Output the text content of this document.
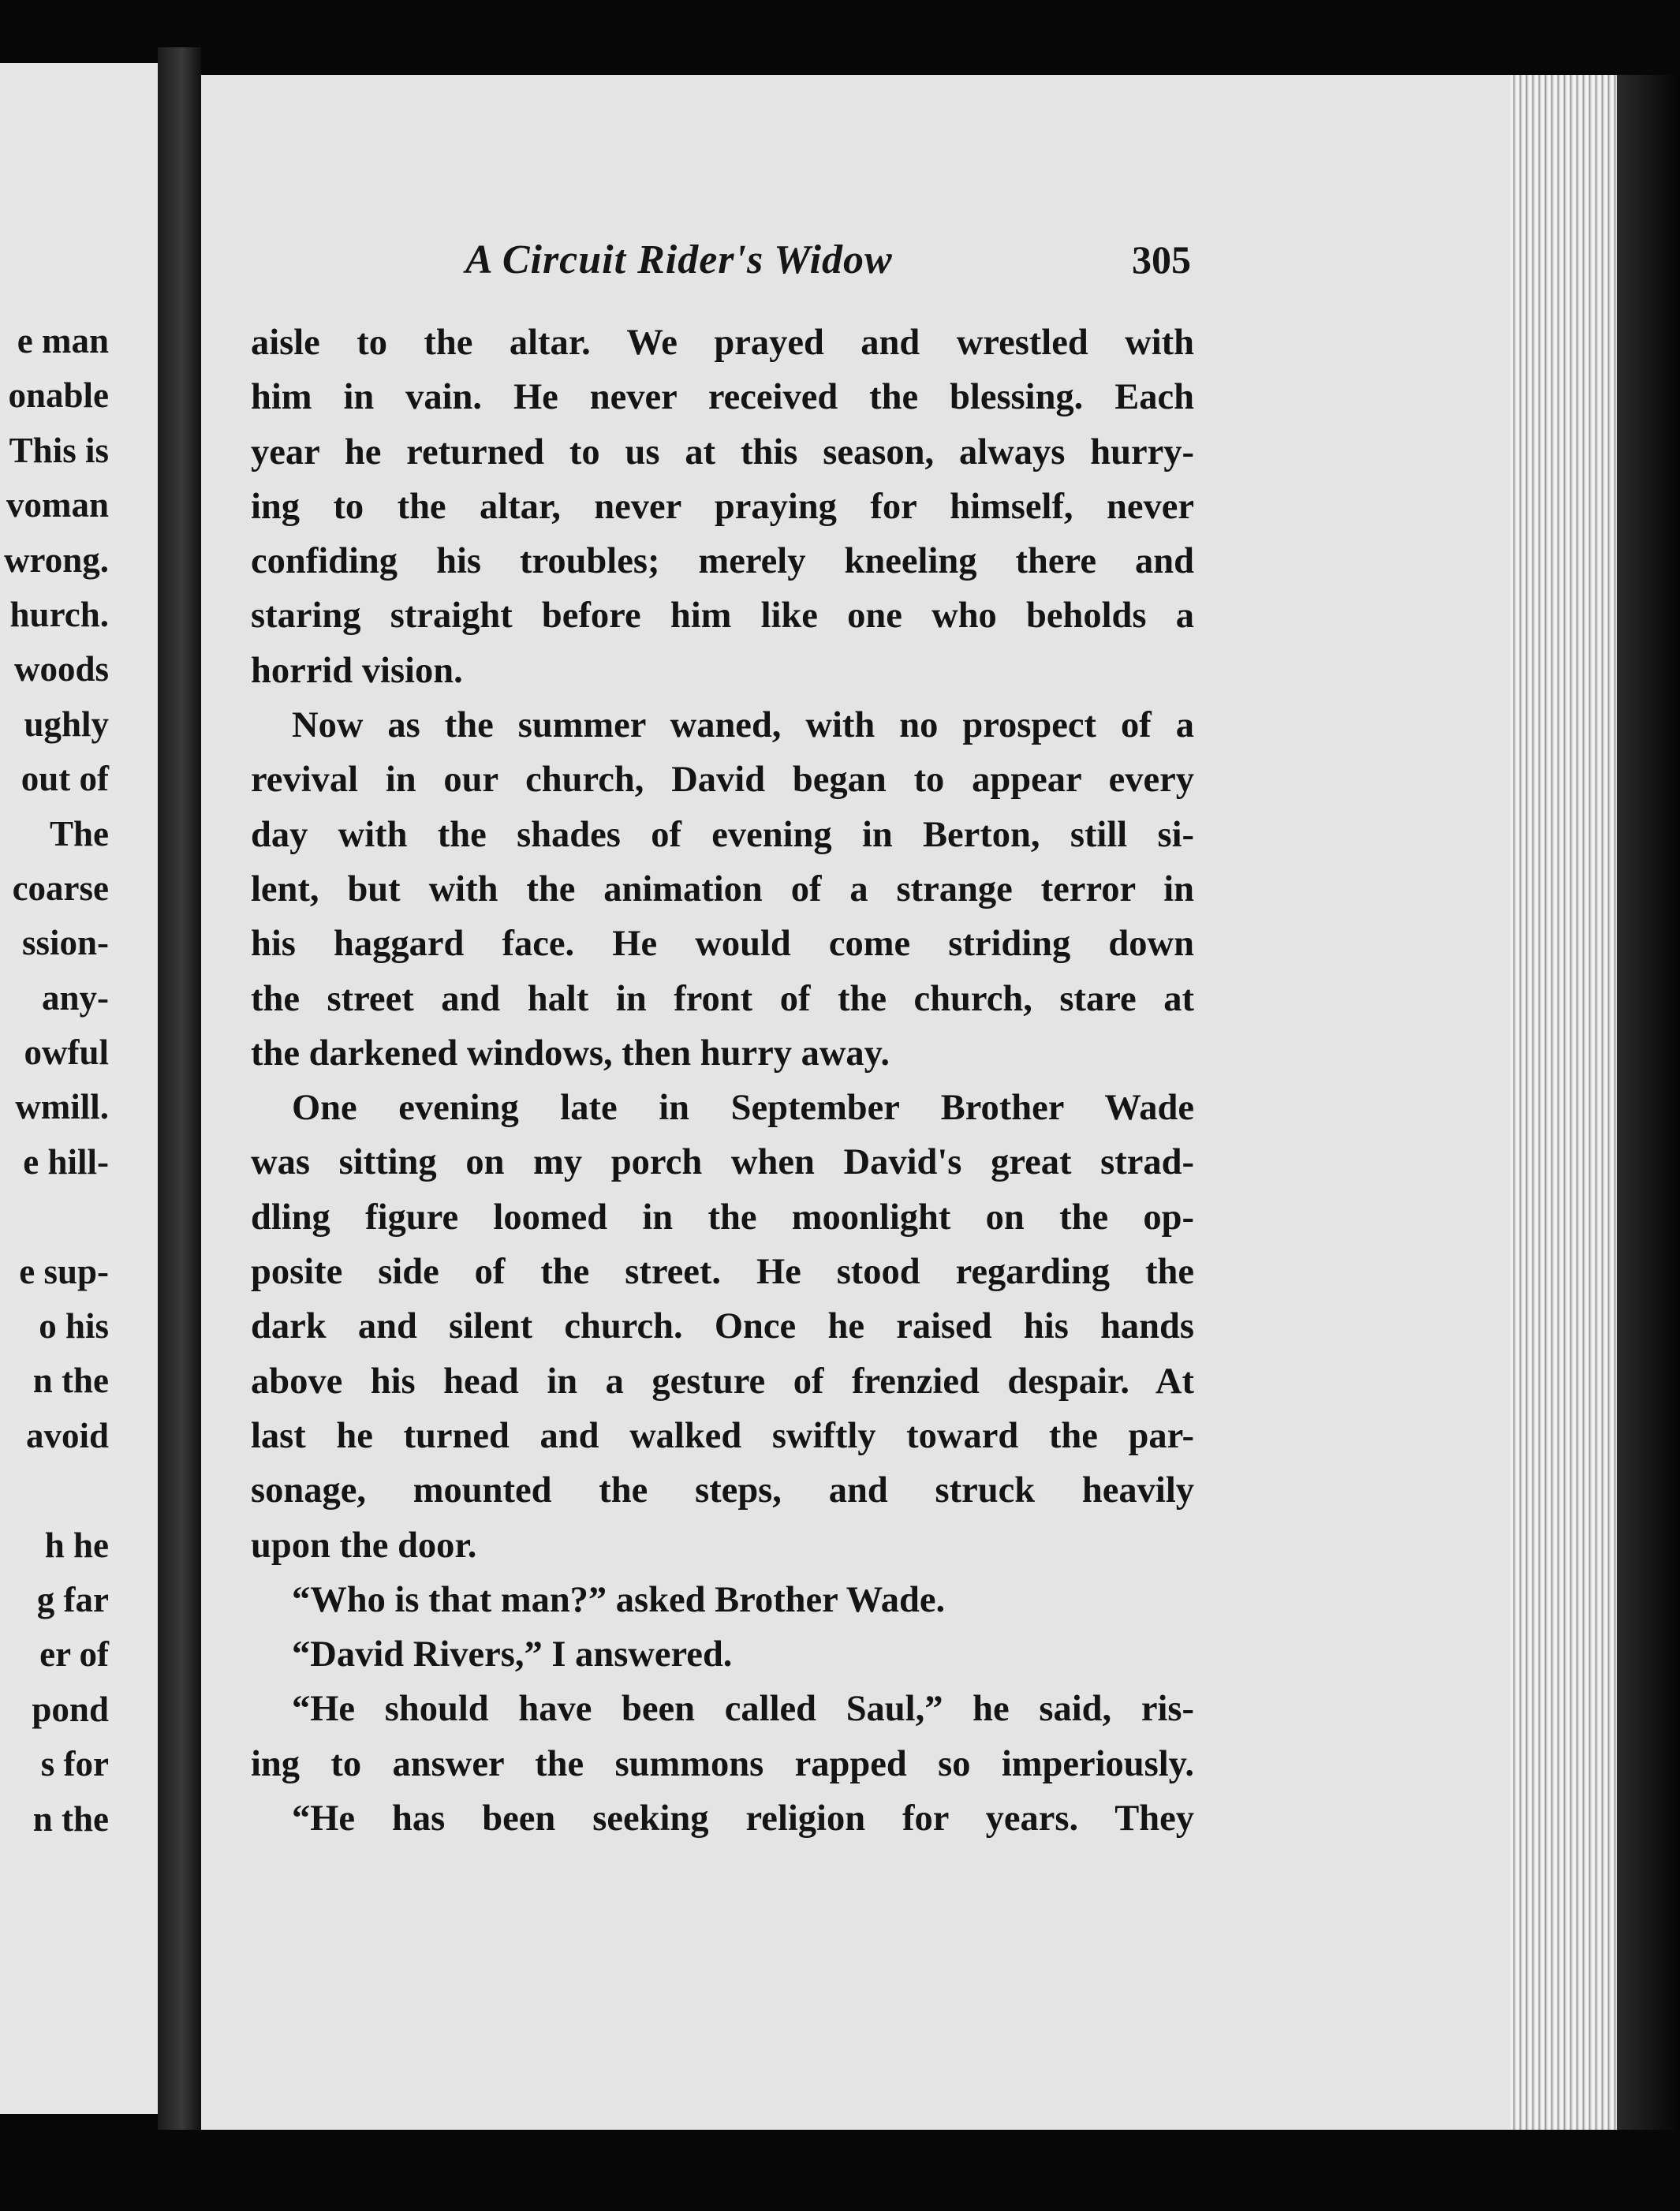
e man
onable
This is
voman
wrong.
hurch.
woods
ughly
out of
The
coarse
ssion-
any-
owful
wmill.
e hill-
e sup-
o his
n the
avoid
h he
g far
er of
pond
s for
n the
A Circuit Rider's Widow	305
aisle to the altar. We prayed and wrestled with
him in vain. He never received the blessing. Each
year he returned to us at this season, always hurry-
ing to the altar, never praying for himself, never
confiding his troubles; merely kneeling there and
staring straight before him like one who beholds a
horrid vision.
Now as the summer waned, with no prospect of a
revival in our church, David began to appear every
day with the shades of evening in Berton, still si-
lent, but with the animation of a strange terror in
his haggard face. He would come striding down
the street and halt in front of the church, stare at
the darkened windows, then hurry away.
One evening late in September Brother Wade
was sitting on my porch when David's great strad-
dling figure loomed in the moonlight on the op-
posite side of the street. He stood regarding the
dark and silent church. Once he raised his hands
above his head in a gesture of frenzied despair. At
last he turned and walked swiftly toward the par-
sonage, mounted the steps, and struck heavily
upon the door.
“Who is that man?” asked Brother Wade.
“David Rivers,” I answered.
“He should have been called Saul,” he said, ris-
ing to answer the summons rapped so imperiously.
“He has been seeking religion for years. They
